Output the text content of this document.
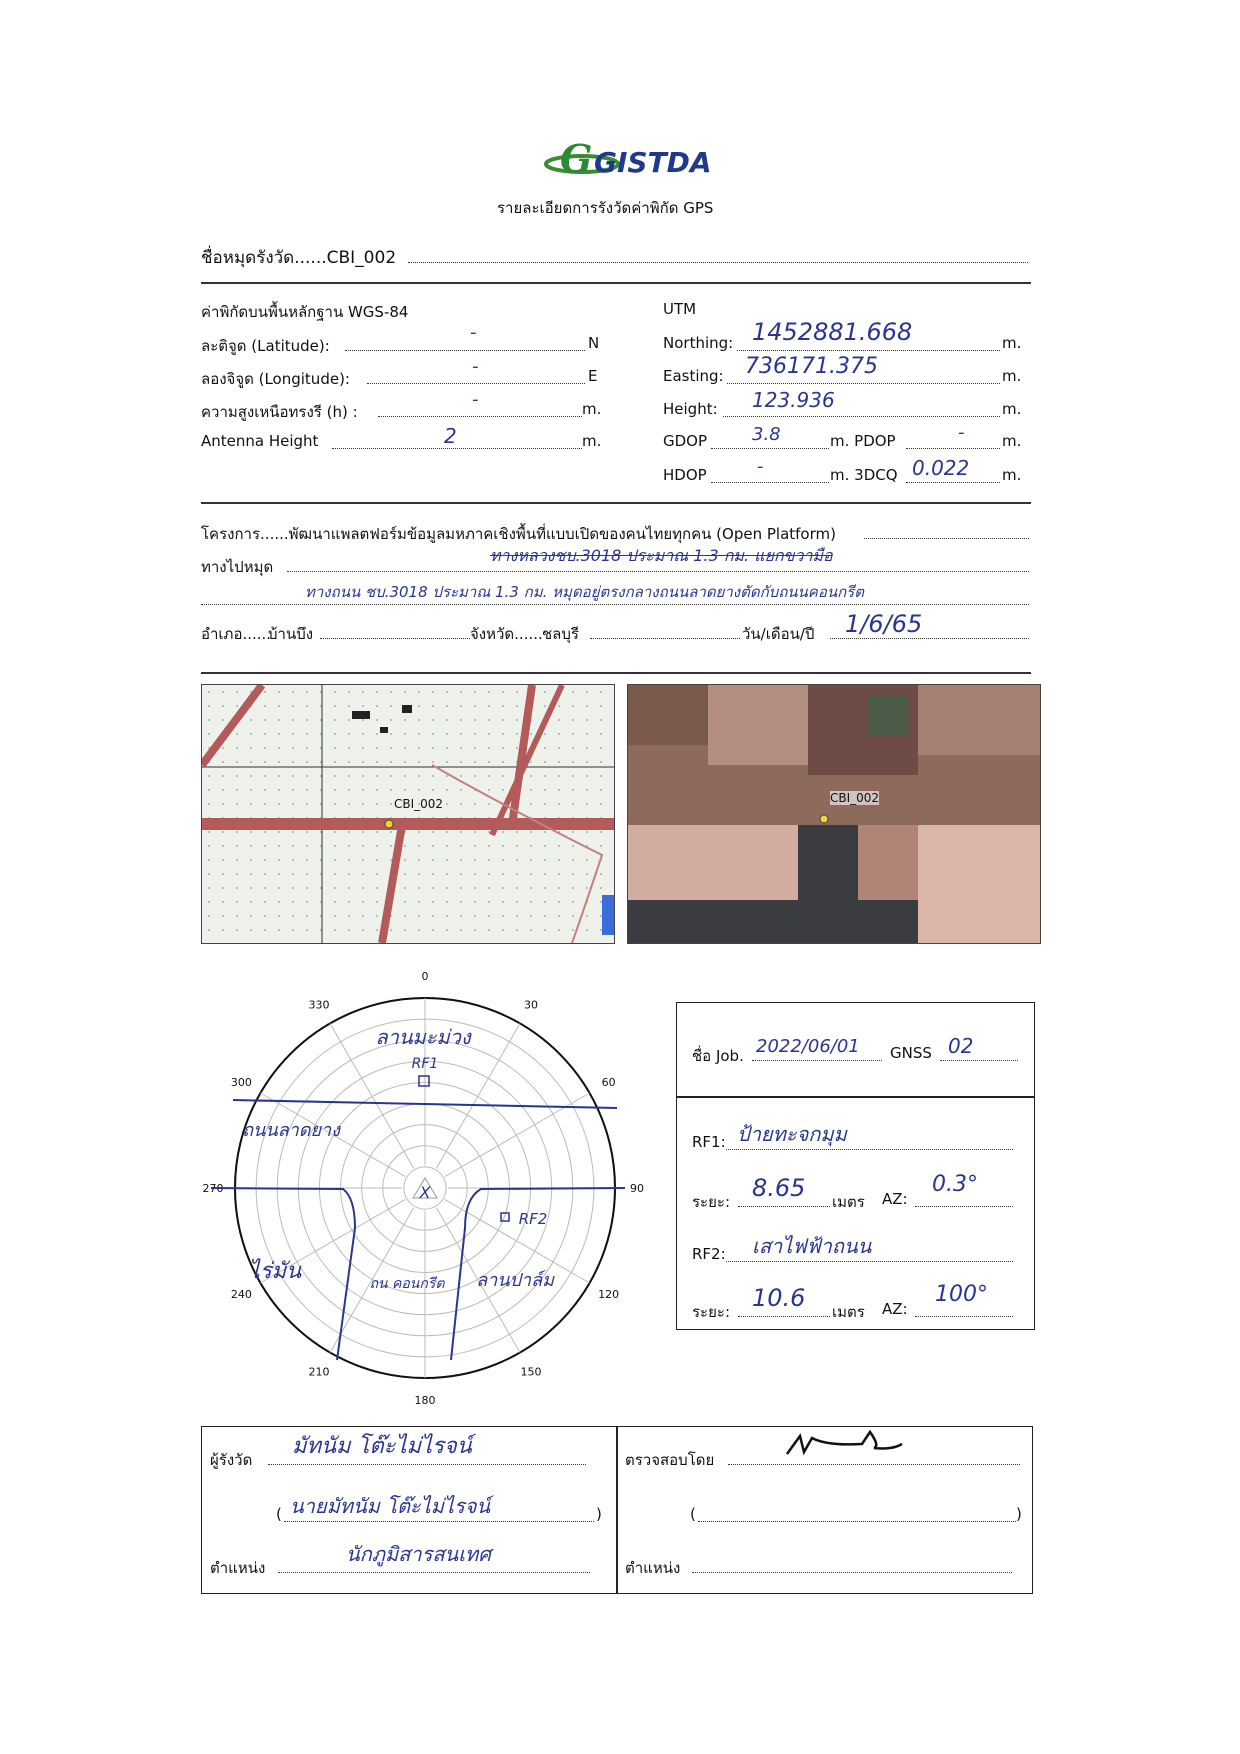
G GISTDA
รายละเอียดการรังวัดค่าพิกัด GPS
ชื่อหมุดรังวัด......CBI_002
ค่าพิกัดบนพื้นหลักฐาน WGS-84	UTM
ละติจูด (Latitude):
-	N
ลองจิจูด (Longitude):
-	E
ความสูงเหนือทรงรี (h) :
-	m.
Antenna Height	2	m.
Northing: 1452881.668	m.
Easting: 736171.375	m.
Height: 123.936	m.
GDOP 3.8	m. PDOP	-	m.
HDOP	-	m. 3DCQ 0.022 m.
โครงการ......พัฒนาแพลตฟอร์มข้อมูลมหภาคเชิงพื้นที่แบบเปิดของคนไทยทุกคน (Open Platform)
ทางไปหมุด
ทางหลวงชบ.3018 ประมาณ 1.3 กม. แยกขวามือ
ทางถนน ชบ.3018 ประมาณ 1.3 กม. หมุดอยู่ตรงกลางถนนลาดยางตัดกับถนนคอนกรีต
อำเภอ......
บ้านบึง	จังหวัด...... ชลบุรี	วัน/เดือน/ปี 1/6/65
CBI_002	CBI_002
0
30
60
90
120
150
180
210
240
270
300
330
ลานมะม่วง
RF1
ถนนลาดยาง
RF2
ไร่มัน	ถน คอนกรีต ลานปาล์ม
X
ชื่อ Job. 2022/06/01 GNSS 02
RF1: ป้ายทะจกมุม
ระยะ: 8.65 เมตร AZ:
0.3°
RF2: เสาไฟฟ้าถนน
ระยะ: 10.6 เมตร AZ:
100°
ผู้รังวัด
มัทนัม โต๊ะไม่ไรจน์
( นายมัทนัม โต๊ะไม่ไรจน์	)
ตำแหน่ง
นักภูมิสารสนเทศ
ตรวจสอบโดย
(	)
ตำแหน่ง
